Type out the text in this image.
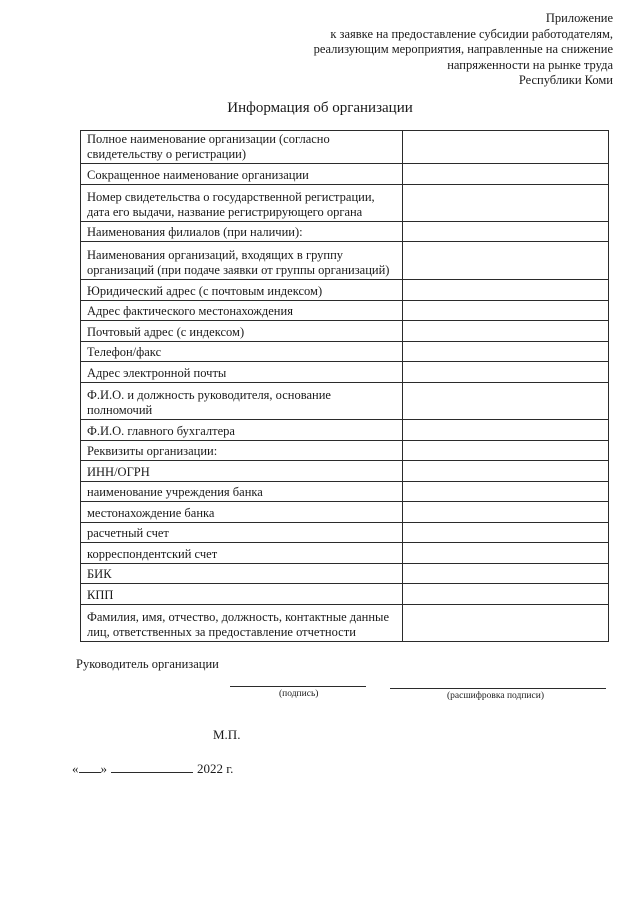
Приложение
к заявке на предоставление субсидии работодателям,
реализующим мероприятия, направленные на снижение
напряженности на рынке труда
Республики Коми
Информация об организации
Полное наименование организации (согласно свидетельству о регистрации)	
Сокращенное наименование организации	
Номер свидетельства о государственной регистрации, дата его выдачи, название регистрирующего органа	
Наименования филиалов (при наличии):	
Наименования организаций, входящих в группу организаций (при подаче заявки от группы организаций)	
Юридический адрес (с почтовым индексом)	
Адрес фактического местонахождения	
Почтовый адрес (с индексом)	
Телефон/факс	
Адрес электронной почты	
Ф.И.О. и должность руководителя, основание полномочий	
Ф.И.О. главного бухгалтера	
Реквизиты организации:	
ИНН/ОГРН	
наименование учреждения банка	
местонахождение банка	
расчетный счет	
корреспондентский счет	
БИК	
КПП	
Фамилия, имя, отчество, должность, контактные данные лиц, ответственных за предоставление отчетности	
Руководитель организации
(подпись)	(расшифровка подписи)
М.П.
« »	2022 г.
